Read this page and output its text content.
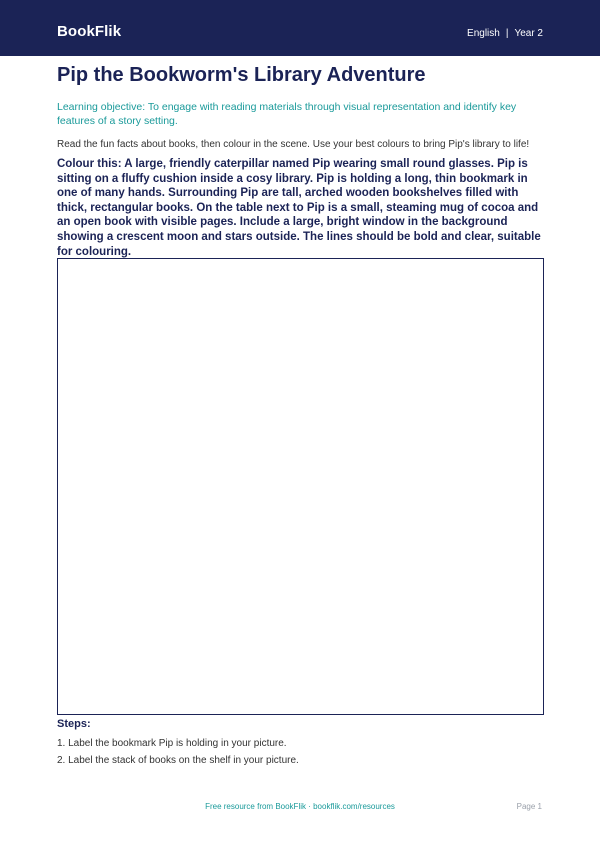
BookFlik	English | Year 2
Pip the Bookworm's Library Adventure
Learning objective: To engage with reading materials through visual representation and identify key features of a story setting.
Read the fun facts about books, then colour in the scene. Use your best colours to bring Pip's library to life!
Colour this: A large, friendly caterpillar named Pip wearing small round glasses. Pip is sitting on a fluffy cushion inside a cosy library. Pip is holding a long, thin bookmark in one of many hands. Surrounding Pip are tall, arched wooden bookshelves filled with thick, rectangular books. On the table next to Pip is a small, steaming mug of cocoa and an open book with visible pages. Include a large, bright window in the background showing a crescent moon and stars outside. The lines should be bold and clear, suitable for colouring.
Steps:
1. Label the bookmark Pip is holding in your picture.
2. Label the stack of books on the shelf in your picture.
Free resource from BookFlik · bookflik.com/resources	Page 1
